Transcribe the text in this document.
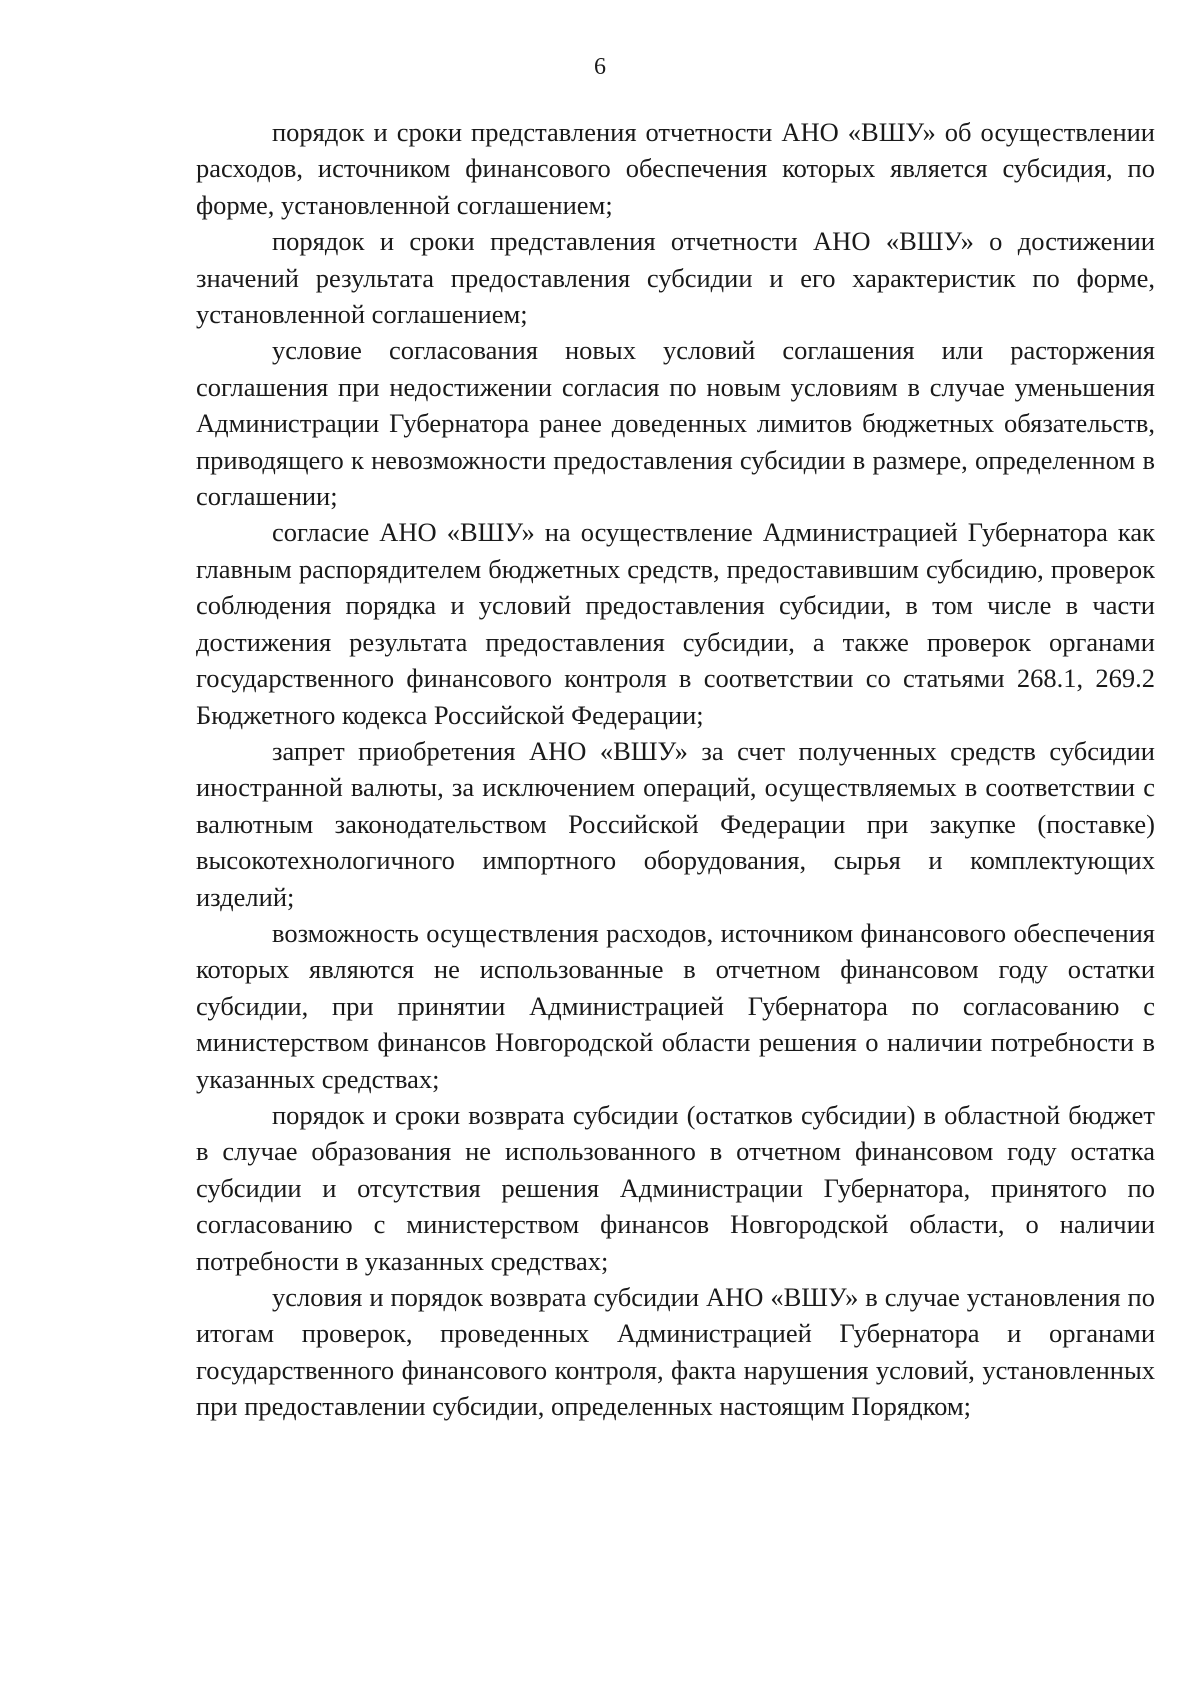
6

порядок и сроки представления отчетности АНО «ВШУ» об осуществлении расходов, источником финансового обеспечения которых является субсидия, по форме, установленной соглашением;

порядок и сроки представления отчетности АНО «ВШУ» о достижении значений результата предоставления субсидии и его характеристик по форме, установленной соглашением;

условие согласования новых условий соглашения или расторжения соглашения при недостижении согласия по новым условиям в случае уменьшения Администрации Губернатора ранее доведенных лимитов бюджетных обязательств, приводящего к невозможности предоставления субсидии в размере, определенном в соглашении;

согласие АНО «ВШУ» на осуществление Администрацией Губернатора как главным распорядителем бюджетных средств, предоставившим субсидию, проверок соблюдения порядка и условий предоставления субсидии, в том числе в части достижения результата предоставления субсидии, а также проверок органами государственного финансового контроля в соответствии со статьями 268.1, 269.2 Бюджетного кодекса Российской Федерации;

запрет приобретения АНО «ВШУ» за счет полученных средств субсидии иностранной валюты, за исключением операций, осуществляемых в соответствии с валютным законодательством Российской Федерации при закупке (поставке) высокотехнологичного импортного оборудования, сырья и комплектующих изделий;

возможность осуществления расходов, источником финансового обеспечения которых являются не использованные в отчетном финансовом году остатки субсидии, при принятии Администрацией Губернатора по согласованию с министерством финансов Новгородской области решения о наличии потребности в указанных средствах;

порядок и сроки возврата субсидии (остатков субсидии) в областной бюджет в случае образования не использованного в отчетном финансовом году остатка субсидии и отсутствия решения Администрации Губернатора, принятого по согласованию с министерством финансов Новгородской области, о наличии потребности в указанных средствах;

условия и порядок возврата субсидии АНО «ВШУ» в случае установления по итогам проверок, проведенных Администрацией Губернатора и органами государственного финансового контроля, факта нарушения условий, установленных при предоставлении субсидии, определенных настоящим Порядком;
